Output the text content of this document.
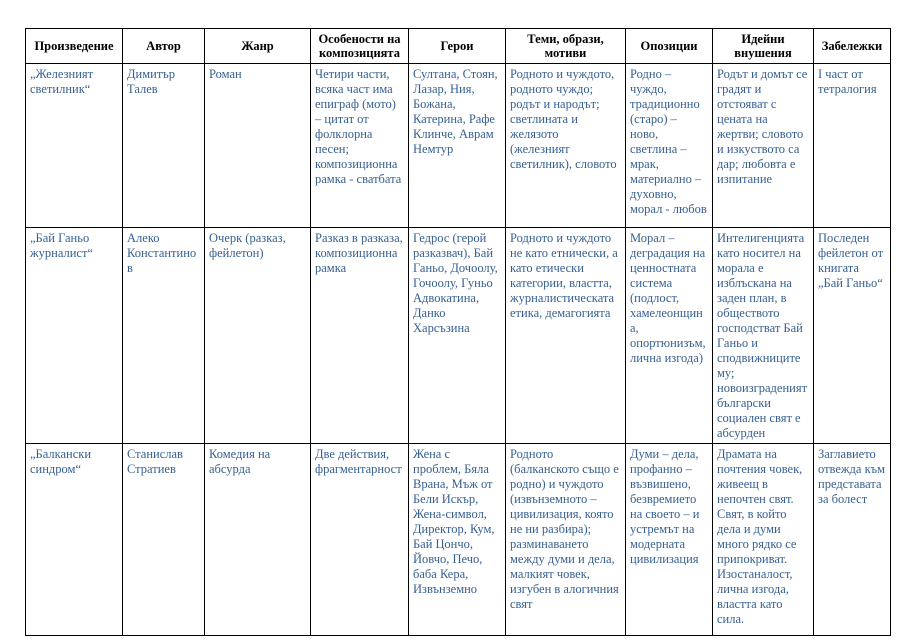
Произведение	Автор	Жанр	Особености на композицията	Герои	Теми, образи, мотиви	Опозиции	Идейни внушения	Забележки
„Железният светилник“	Димитър Талев	Роман	Четири части, всяка част има епиграф (мото) – цитат от фолклорна песен; композиционна рамка - сватбата	Султана, Стоян, Лазар, Ния, Божана, Катерина, Рафе Клинче, Аврам Немтур	Родното и чуждото, родното чуждо; родът и народът; светлината и желязото (железният светилник), словото	Родно – чуждо, традиционно (старо) – ново, светлина – мрак, материално – духовно, морал - любов	Родът и домът се градят и отстояват с цената на жертви; словото и изкуството са дар; любовта е изпитание	I част от тетралогия
„Бай Ганьо журналист“	Алеко Константинов	Очерк (разказ, фейлетон)	Разказ в разказа, композиционна рамка	Гедрос (герой разказвач), Бай Ганьо, Дочоолу, Гочоолу, Гуньо Адвокатина, Данко Харсъзина	Родното и чуждото не като етнически, а като етически категории, властта, журналистическата етика, демагогията	Морал – деградация на ценностната система (подлост, хамелеонщина, опортюнизъм, лична изгода)	Интелигенцията като носител на морала е изблъскана на заден план, в обществото господстват Бай Ганьо и сподвижниците му; новоизграденият български социален свят е абсурден	Последен фейлетон от книгата „Бай Ганьо“
„Балкански синдром“	Станислав Стратиев	Комедия на абсурда	Две действия, фрагментарност	Жена с проблем, Бяла Врана, Мъж от Бели Искър, Жена-символ, Директор, Кум, Бай Цончо, Йовчо, Печо, баба Кера, Извънземно	Родното (балканското също е родно) и чуждото (извънземното – цивилизация, която не ни разбира); разминаването между думи и дела, малкият човек, изгубен в алогичния свят	Думи – дела, профанно – възвишено, безвремието на своето – и устремът на модерната цивилизация	Драмата на почтения човек, живеещ в непочтен свят. Свят, в който дела и думи много рядко се припокриват. Изостаналост, лична изгода, властта като сила.	Заглавието отвежда към представата за болест
